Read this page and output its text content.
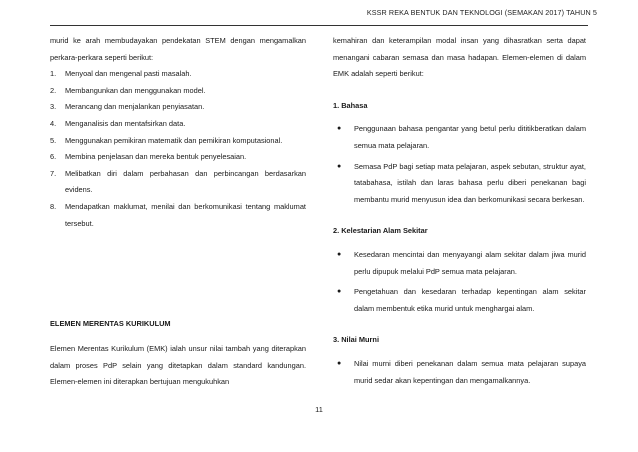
KSSR REKA BENTUK DAN TEKNOLOGI (SEMAKAN 2017) TAHUN 5

murid ke arah membudayakan pendekatan STEM dengan mengamalkan perkara-perkara seperti berikut:

1. Menyoal dan mengenal pasti masalah.
2. Membangunkan dan menggunakan model.
3. Merancang dan menjalankan penyiasatan.
4. Menganalisis dan mentafsirkan data.
5. Menggunakan pemikiran matematik dan pemikiran komputasional.
6. Membina penjelasan dan mereka bentuk penyelesaian.
7. Melibatkan diri dalam perbahasan dan perbincangan berdasarkan evidens.
8. Mendapatkan maklumat, menilai dan berkomunikasi tentang maklumat tersebut.
ELEMEN MERENTAS KURIKULUM

Elemen Merentas Kurikulum (EMK) ialah unsur nilai tambah yang diterapkan dalam proses PdP selain yang ditetapkan dalam standard kandungan. Elemen-elemen ini diterapkan bertujuan mengukuhkan

kemahiran dan keterampilan modal insan yang dihasratkan serta dapat menangani cabaran semasa dan masa hadapan. Elemen-elemen di dalam EMK adalah seperti berikut:

1. Bahasa
● Penggunaan bahasa pengantar yang betul perlu dititikberatkan dalam semua mata pelajaran.
● Semasa PdP bagi setiap mata pelajaran, aspek sebutan, struktur ayat, tatabahasa, istilah dan laras bahasa perlu diberi penekanan bagi membantu murid menyusun idea dan berkomunikasi secara berkesan.
2. Kelestarian Alam Sekitar
● Kesedaran mencintai dan menyayangi alam sekitar dalam jiwa murid perlu dipupuk melalui PdP semua mata pelajaran.
● Pengetahuan dan kesedaran terhadap kepentingan alam sekitar dalam membentuk etika murid untuk menghargai alam.
3. Nilai Murni
● Nilai murni diberi penekanan dalam semua mata pelajaran supaya murid sedar akan kepentingan dan mengamalkannya.
11
